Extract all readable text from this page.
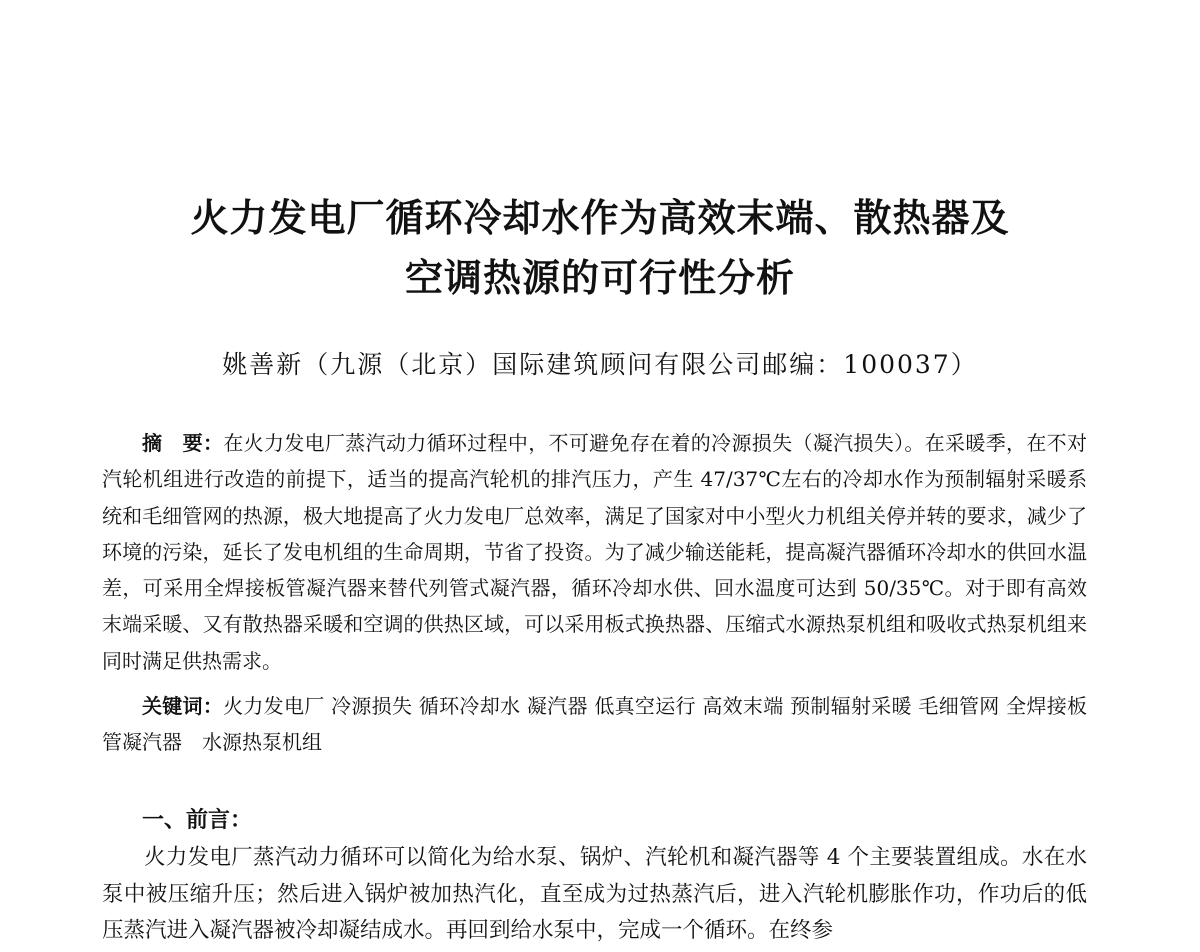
火力发电厂循环冷却水作为高效末端、散热器及
空调热源的可行性分析
姚善新（九源（北京）国际建筑顾问有限公司邮编：100037）

摘　要：在火力发电厂蒸汽动力循环过程中，不可避免存在着的冷源损失（凝汽损失）。在采暖季，在不对汽轮机组进行改造的前提下，适当的提高汽轮机的排汽压力，产生 47/37℃左右的冷却水作为预制辐射采暖系统和毛细管网的热源，极大地提高了火力发电厂总效率，满足了国家对中小型火力机组关停并转的要求，减少了环境的污染，延长了发电机组的生命周期，节省了投资。为了减少输送能耗，提高凝汽器循环冷却水的供回水温差，可采用全焊接板管凝汽器来替代列管式凝汽器，循环冷却水供、回水温度可达到 50/35℃。对于即有高效末端采暖、又有散热器采暖和空调的供热区域，可以采用板式换热器、压缩式水源热泵机组和吸收式热泵机组来同时满足供热需求。

关键词：火力发电厂 冷源损失 循环冷却水 凝汽器 低真空运行 高效末端 预制辐射采暖 毛细管网 全焊接板管凝汽器　水源热泵机组

一、前言：

火力发电厂蒸汽动力循环可以简化为给水泵、锅炉、汽轮机和凝汽器等 4 个主要装置组成。水在水泵中被压缩升压；然后进入锅炉被加热汽化，直至成为过热蒸汽后，进入汽轮机膨胀作功，作功后的低压蒸汽进入凝汽器被冷却凝结成水。再回到给水泵中，完成一个循环。在终参
